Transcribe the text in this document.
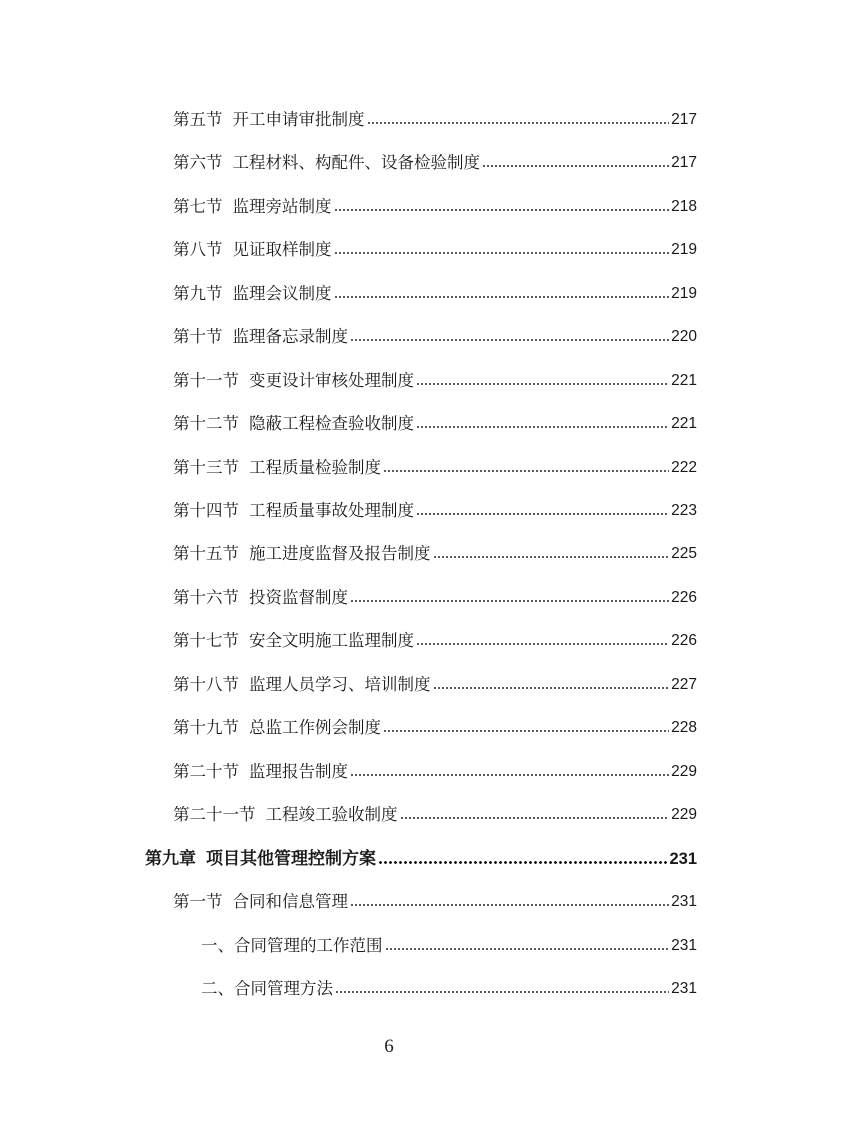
第五节 开工申请审批制度	217
第六节 工程材料、构配件、设备检验制度	217
第七节 监理旁站制度	218
第八节 见证取样制度	219
第九节 监理会议制度	219
第十节 监理备忘录制度	220
第十一节 变更设计审核处理制度	221
第十二节 隐蔽工程检查验收制度	221
第十三节 工程质量检验制度	222
第十四节 工程质量事故处理制度	223
第十五节 施工进度监督及报告制度	225
第十六节 投资监督制度	226
第十七节 安全文明施工监理制度	226
第十八节 监理人员学习、培训制度	227
第十九节 总监工作例会制度	228
第二十节 监理报告制度	229
第二十一节 工程竣工验收制度	229
第九章 项目其他管理控制方案	231
第一节 合同和信息管理	231
一、合同管理的工作范围	231
二、合同管理方法	231
6
